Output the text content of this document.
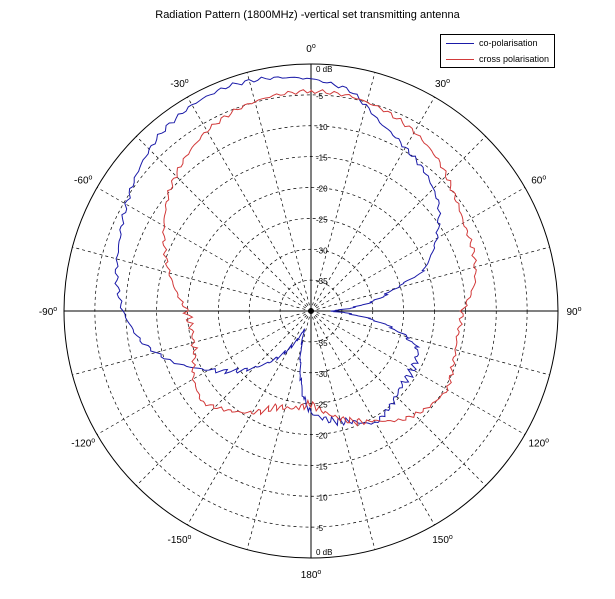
Radiation Pattern (1800MHz) -vertical set transmitting antenna
0 dB
0 dB
-5
-5
-10
-10
-15
-15
-20
-20
-25
-25
-30
-30
-35
-35
0$^o$
30$^o$
60$^o$
90$^o$
120$^o$
150$^o$
180$^o$
-150$^o$
-120$^o$
-90$^o$
-60$^o$
-30$^o$
co-polarisation
cross polarisation
